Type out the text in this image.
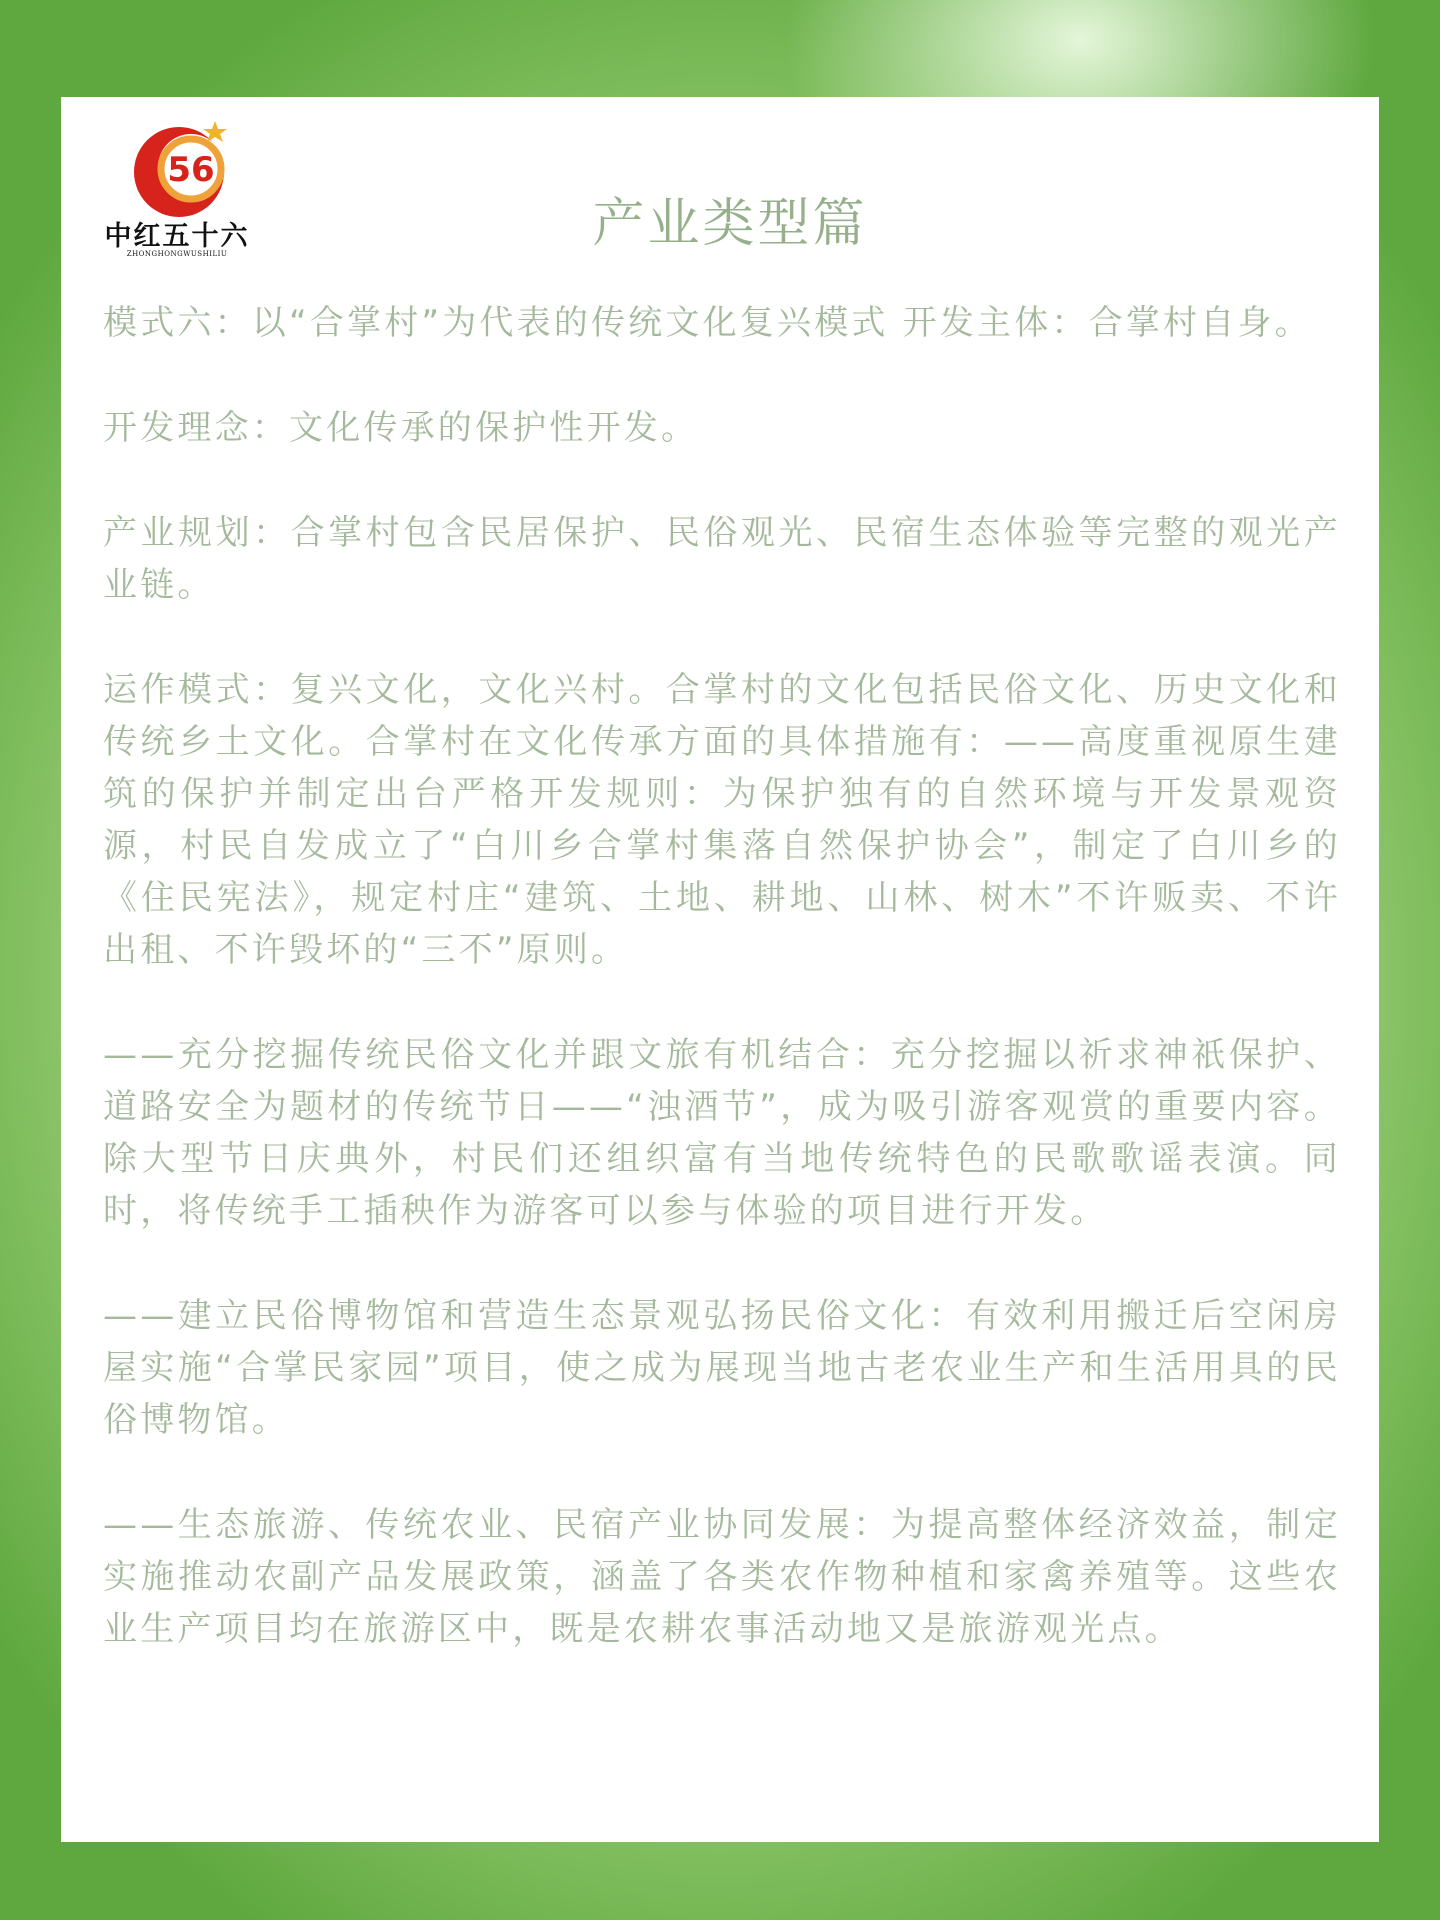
56
中红五十六
ZHONGHONGWUSHILIU	产业类型篇

模式六：以“合掌村”为代表的传统文化复兴模式 开发主体：合掌村自身。

开发理念：文化传承的保护性开发。

产业规划：合掌村包含民居保护、民俗观光、民宿生态体验等完整的观光产业链。

运作模式：复兴文化，文化兴村。合掌村的文化包括民俗文化、历史文化和传统乡土文化。合掌村在文化传承方面的具体措施有：——高度重视原生建筑的保护并制定出台严格开发规则：为保护独有的自然环境与开发景观资源，村民自发成立了“白川乡合掌村集落自然保护协会”，制定了白川乡的《住民宪法》，规定村庄“建筑、土地、耕地、山林、树木”不许贩卖、不许出租、不许毁坏的“三不”原则。

——充分挖掘传统民俗文化并跟文旅有机结合：充分挖掘以祈求神祇保护、道路安全为题材的传统节日——“浊酒节”，成为吸引游客观赏的重要内容。除大型节日庆典外，村民们还组织富有当地传统特色的民歌歌谣表演。同时，将传统手工插秧作为游客可以参与体验的项目进行开发。

——建立民俗博物馆和营造生态景观弘扬民俗文化：有效利用搬迁后空闲房屋实施“合掌民家园”项目，使之成为展现当地古老农业生产和生活用具的民俗博物馆。

——生态旅游、传统农业、民宿产业协同发展：为提高整体经济效益，制定实施推动农副产品发展政策，涵盖了各类农作物种植和家禽养殖等。这些农业生产项目均在旅游区中，既是农耕农事活动地又是旅游观光点。
